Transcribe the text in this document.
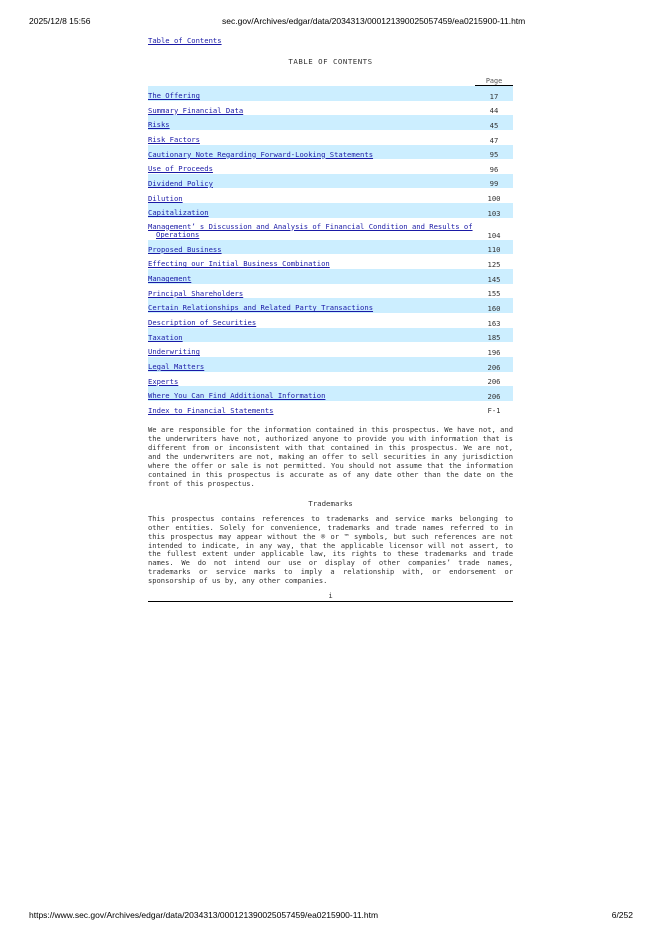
2025/12/8 15:56	sec.gov/Archives/edgar/data/2034313/000121390025057459/ea0215900-11.htm
Table of Contents
TABLE OF CONTENTS
	Page
The Offering	17
Summary Financial Data	44
Risks	45
Risk Factors	47
Cautionary Note Regarding Forward-Looking Statements	95
Use of Proceeds	96
Dividend Policy	99
Dilution	100
Capitalization	103
Management’ s Discussion and Analysis of Financial Condition and Results of
Operations	104
Proposed Business	110
Effecting our Initial Business Combination	125
Management	145
Principal Shareholders	155
Certain Relationships and Related Party Transactions	160
Description of Securities	163
Taxation	185
Underwriting	196
Legal Matters	206
Experts	206
Where You Can Find Additional Information	206
Index to Financial Statements	F-1
We are responsible for the information contained in this prospectus. We have not, and the underwriters have not, authorized anyone to provide you with information that is different from or inconsistent with that contained in this prospectus. We are not, and the underwriters are not, making an offer to sell securities in any jurisdiction where the offer or sale is not permitted. You should not assume that the information contained in this prospectus is accurate as of any date other than the date on the front of this prospectus.
Trademarks
This prospectus contains references to trademarks and service marks belonging to other entities. Solely for convenience, trademarks and trade names referred to in this prospectus may appear without the ® or ™ symbols, but such references are not intended to indicate, in any way, that the applicable licensor will not assert, to the fullest extent under applicable law, its rights to these trademarks and trade names. We do not intend our use or display of other companies’ trade names, trademarks or service marks to imply a relationship with, or endorsement or sponsorship of us by, any other companies.
i
https://www.sec.gov/Archives/edgar/data/2034313/000121390025057459/ea0215900-11.htm	6/252
